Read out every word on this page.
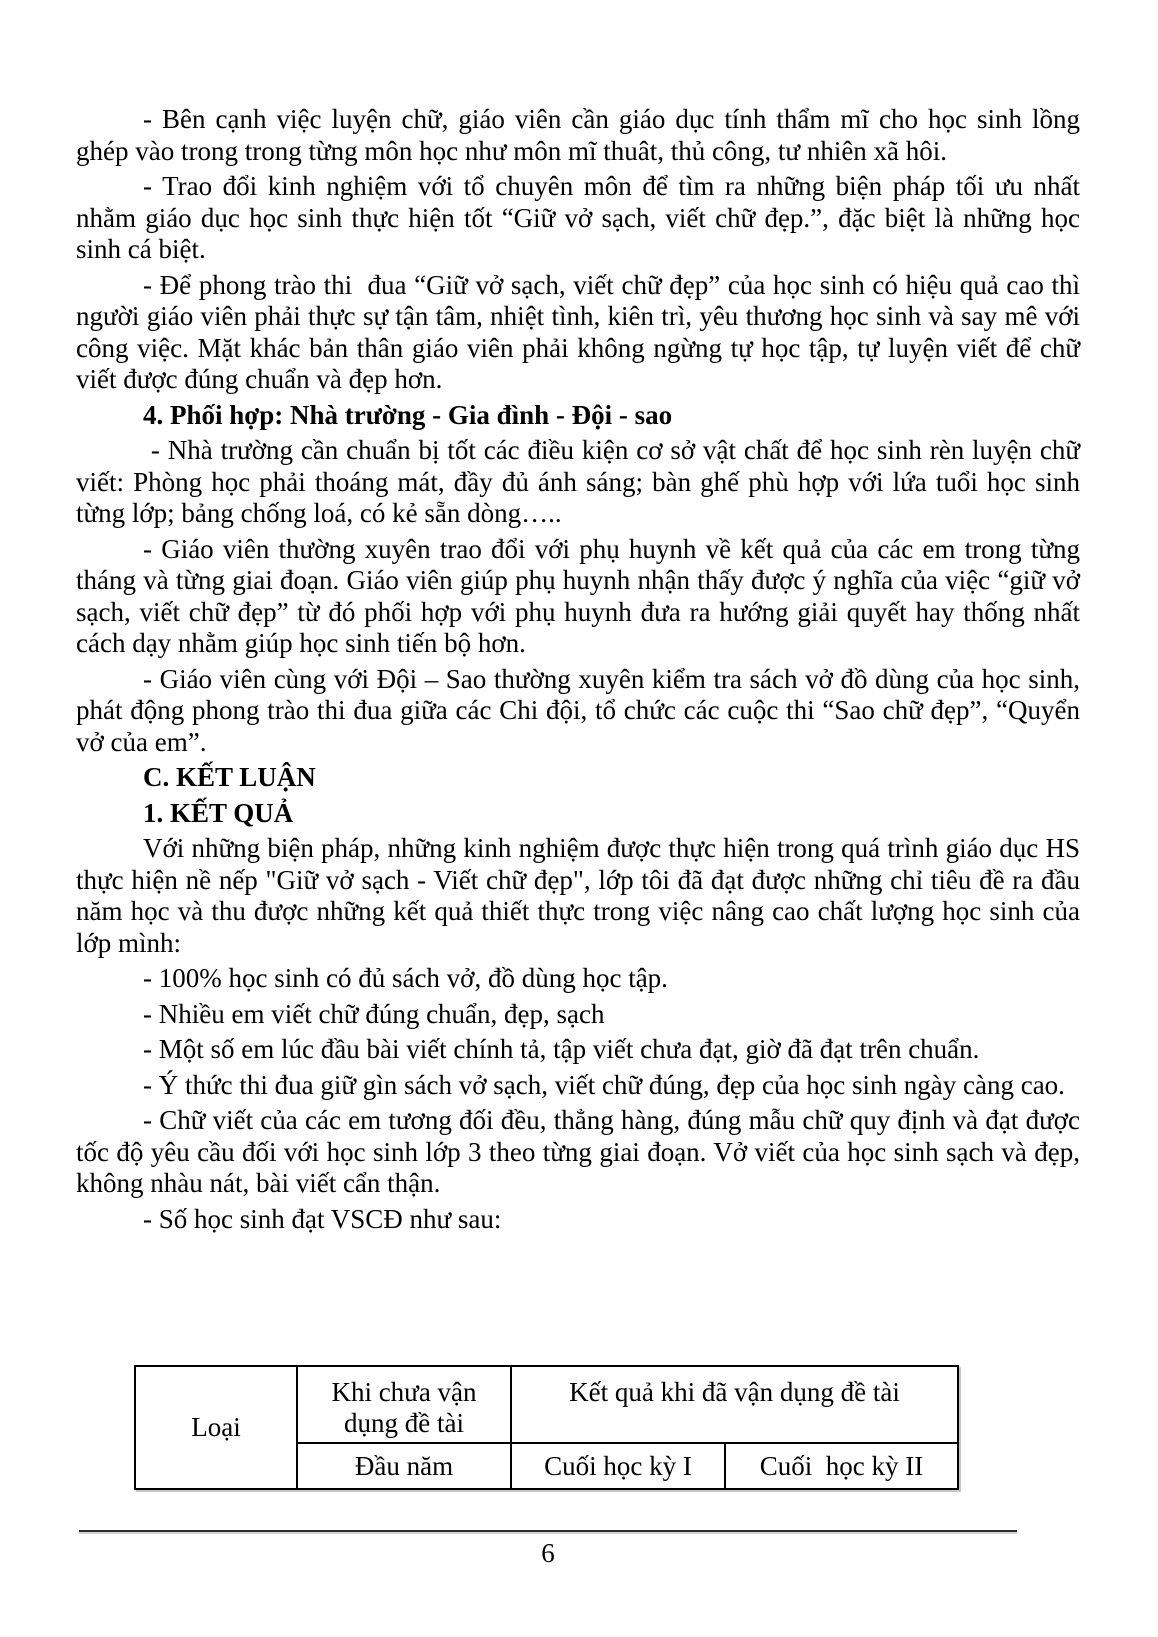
- Bên cạnh việc luyện chữ, giáo viên cần giáo dục tính thẩm mĩ cho học sinh lồng ghép vào trong trong từng môn học như môn mĩ thuât, thủ công, tư nhiên xã hôi.

- Trao đổi kinh nghiệm với tổ chuyên môn để tìm ra những biện pháp tối ưu nhất nhằm giáo dục học sinh thực hiện tốt “Giữ vở sạch, viết chữ đẹp.”, đặc biệt là những học sinh cá biệt.

- Để phong trào thi  đua “Giữ vở sạch, viết chữ đẹp” của học sinh có hiệu quả cao thì người giáo viên phải thực sự tận tâm, nhiệt tình, kiên trì, yêu thương học sinh và say mê với công việc. Mặt khác bản thân giáo viên phải không ngừng tự học tập, tự luyện viết để chữ viết được đúng chuẩn và đẹp hơn.

4. Phối hợp: Nhà trường - Gia đình - Đội - sao

- Nhà trường cần chuẩn bị tốt các điều kiện cơ sở vật chất để học sinh rèn luyện chữ viết: Phòng học phải thoáng mát, đầy đủ ánh sáng; bàn ghế phù hợp với lứa tuổi học sinh từng lớp; bảng chống loá, có kẻ sẵn dòng…..

- Giáo viên thường xuyên trao đổi với phụ huynh về kết quả của các em trong từng tháng và từng giai đoạn. Giáo viên giúp phụ huynh nhận thấy được ý nghĩa của việc “giữ vở sạch, viết chữ đẹp” từ đó phối hợp với phụ huynh đưa ra hướng giải quyết hay thống nhất cách dạy nhằm giúp học sinh tiến bộ hơn.

- Giáo viên cùng với Đội – Sao thường xuyên kiểm tra sách vở đồ dùng của học sinh, phát động phong trào thi đua giữa các Chi đội, tổ chức các cuộc thi “Sao chữ đẹp”, “Quyển vở của em”.

C. KẾT LUẬN

1. KẾT QUẢ

Với những biện pháp, những kinh nghiệm được thực hiện trong quá trình giáo dục HS thực hiện nề nếp "Giữ vở sạch - Viết chữ đẹp", lớp tôi đã đạt được những chỉ tiêu đề ra đầu năm học và thu được những kết quả thiết thực trong việc nâng cao chất lượng học sinh của lớp mình:

- 100% học sinh có đủ sách vở, đồ dùng học tập.

- Nhiều em viết chữ đúng chuẩn, đẹp, sạch

- Một số em lúc đầu bài viết chính tả, tập viết chưa đạt, giờ đã đạt trên chuẩn.

- Ý thức thi đua giữ gìn sách vở sạch, viết chữ đúng, đẹp của học sinh ngày càng cao.

- Chữ viết của các em tương đối đều, thẳng hàng, đúng mẫu chữ quy định và đạt được tốc độ yêu cầu đối với học sinh lớp 3 theo từng giai đoạn. Vở viết của học sinh sạch và đẹp, không nhàu nát, bài viết cẩn thận.

- Số học sinh đạt VSCĐ như sau:

Loại	Khi chưa vận dụng đề tài	Kết quả khi đã vận dụng đề tài	
	Đầu năm	Cuối học kỳ I	Cuối  học kỳ II
6
